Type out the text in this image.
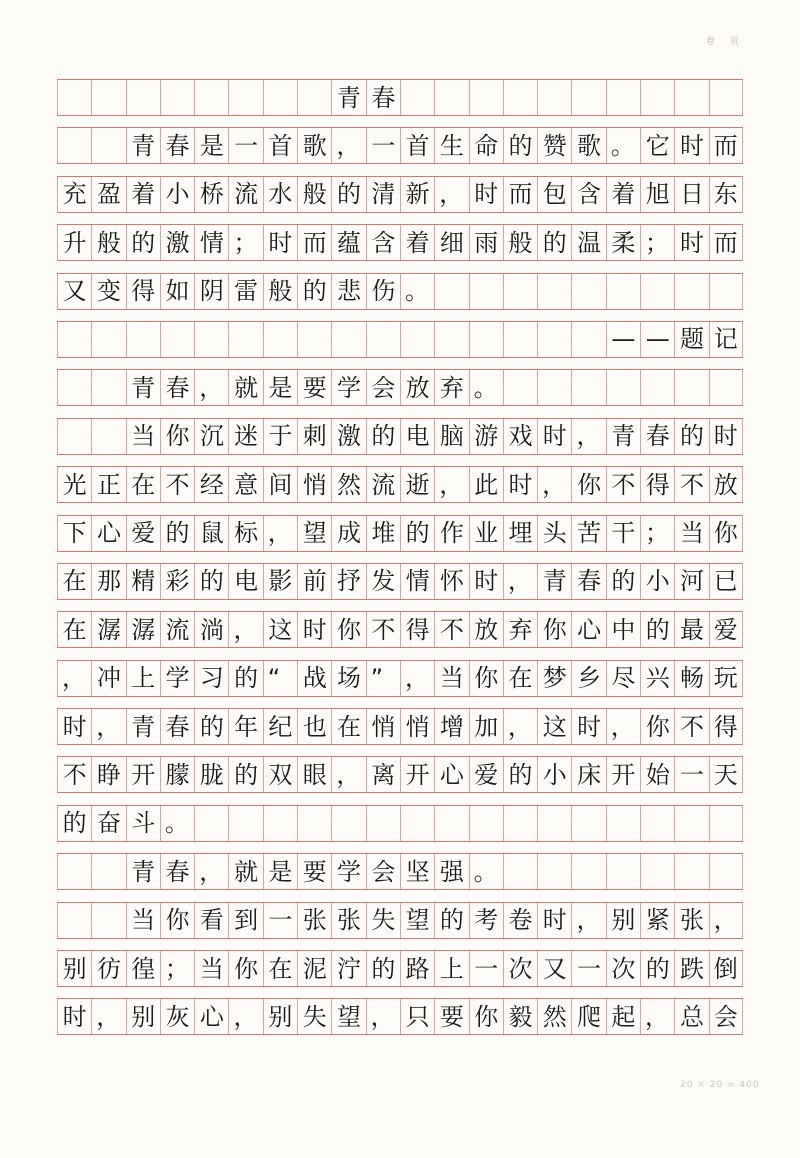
卷 页
青 春
青 春 是 一 首 歌 ， 一 首 生 命 的 赞 歌 。 它 时 而
充 盈 着 小 桥 流 水 般 的 清 新 ， 时 而 包 含 着 旭 日 东
升 般 的 激 情 ； 时 而 蕴 含 着 细 雨 般 的 温 柔 ； 时 而
又 变 得 如 阴 雷 般 的 悲 伤 。
— — 题 记
青 春 ， 就 是 要 学 会 放 弃 。
当 你 沉 迷 于 刺 激 的 电 脑 游 戏 时 ， 青 春 的 时
光 正 在 不 经 意 间 悄 然 流 逝 ， 此 时 ， 你 不 得 不 放
下 心 爱 的 鼠 标 ， 望 成 堆 的 作 业 埋 头 苦 干 ； 当 你
在 那 精 彩 的 电 影 前 抒 发 情 怀 时 ， 青 春 的 小 河 已
在 潺 潺 流 淌 ， 这 时 你 不 得 不 放 弃 你 心 中 的 最 爱
， 冲 上 学 习 的 “ 战 场 ” ， 当 你 在 梦 乡 尽 兴 畅 玩
时 ， 青 春 的 年 纪 也 在 悄 悄 增 加 ， 这 时 ， 你 不 得
不 睁 开 朦 胧 的 双 眼 ， 离 开 心 爱 的 小 床 开 始 一 天
的 奋 斗 。
青 春 ， 就 是 要 学 会 坚 强 。
当 你 看 到 一 张 张 失 望 的 考 卷 时 ， 别 紧 张 ，
别 彷 徨 ； 当 你 在 泥 泞 的 路 上 一 次 又 一 次 的 跌 倒
时 ， 别 灰 心 ， 别 失 望 ， 只 要 你 毅 然 爬 起 ， 总 会
20 × 20 = 400
